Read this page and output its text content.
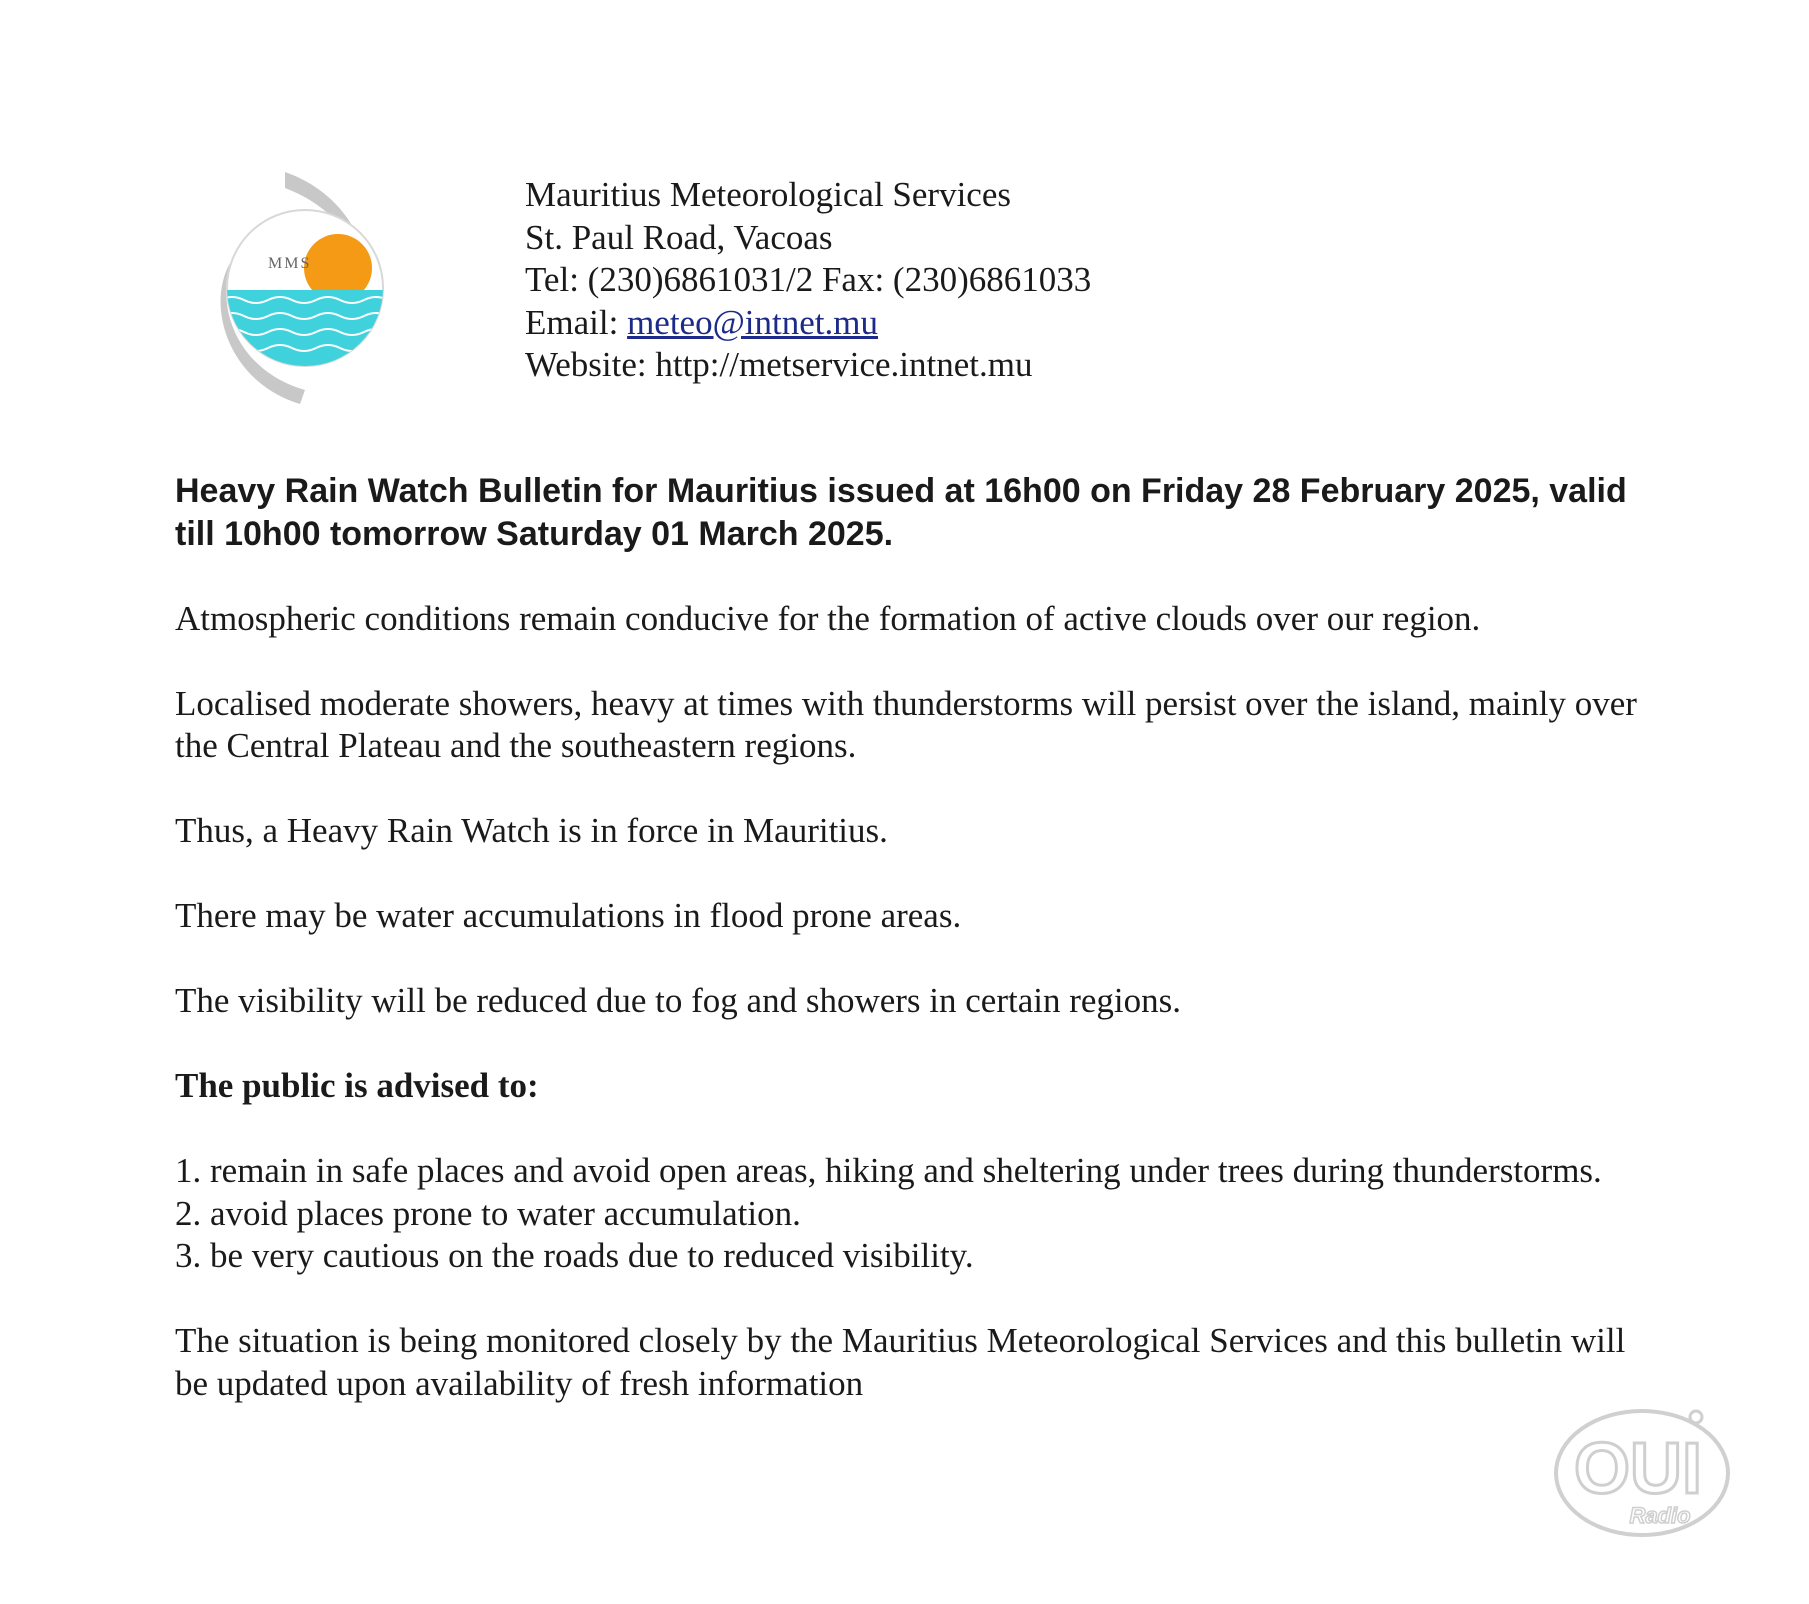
MMS
Mauritius Meteorological Services
St. Paul Road, Vacoas
Tel: (230)6861031/2 Fax: (230)6861033
Email: meteo@intnet.mu
Website: http://metservice.intnet.mu

Heavy Rain Watch Bulletin for Mauritius issued at 16h00 on Friday 28 February 2025, valid till 10h00 tomorrow Saturday 01 March 2025.

Atmospheric conditions remain conducive for the formation of active clouds over our region.

Localised moderate showers, heavy at times with thunderstorms will persist over the island, mainly over the Central Plateau and the southeastern regions.

Thus, a Heavy Rain Watch is in force in Mauritius.

There may be water accumulations in flood prone areas.

The visibility will be reduced due to fog and showers in certain regions.

The public is advised to:

1. remain in safe places and avoid open areas, hiking and sheltering under trees during thunderstorms.
2. avoid places prone to water accumulation.
3. be very cautious on the roads due to reduced visibility.

The situation is being monitored closely by the Mauritius Meteorological Services and this bulletin will be updated upon availability of fresh information

OUI
Radio
